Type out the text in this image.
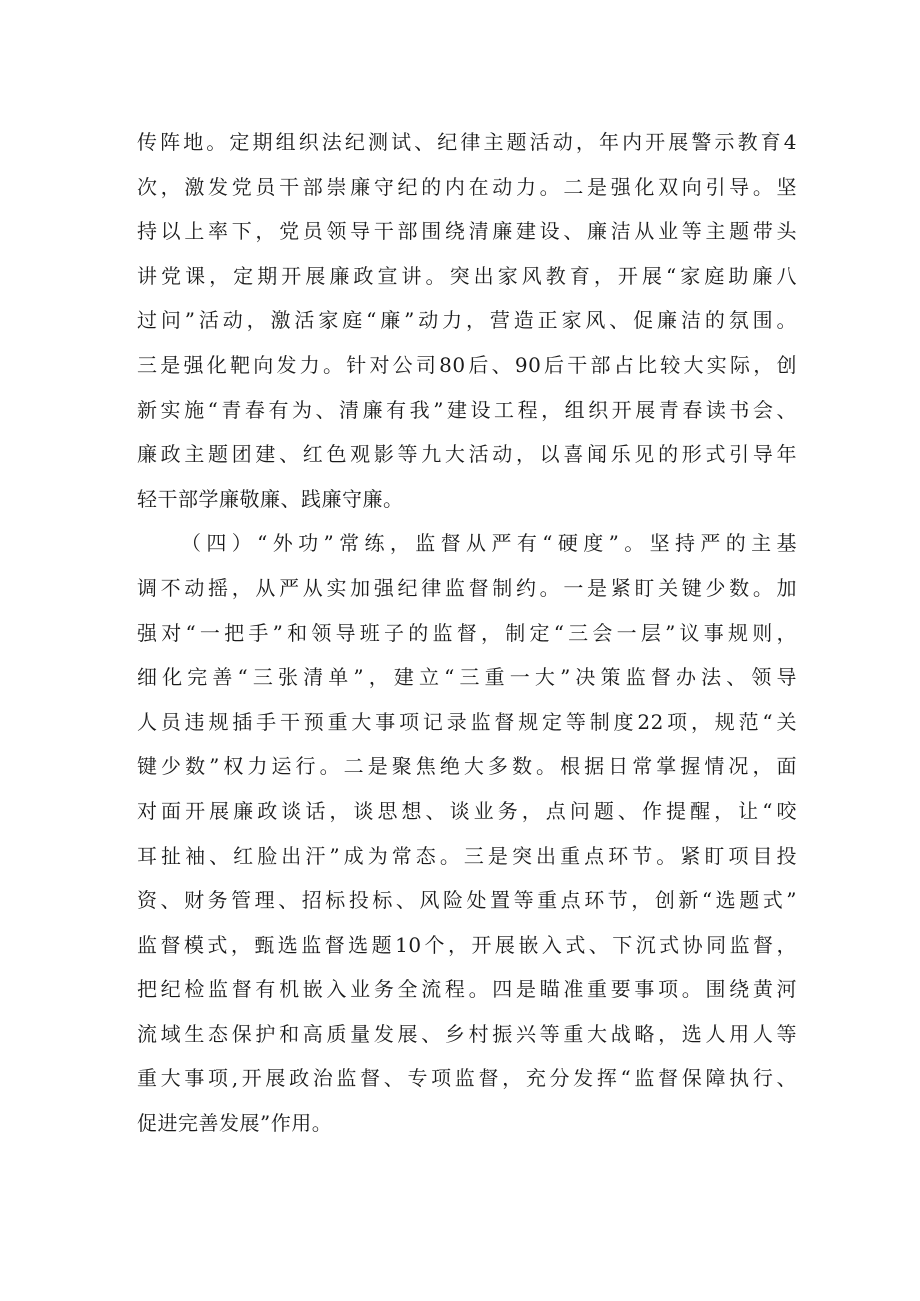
传阵地。定期组织法纪测试、纪律主题活动，年内开展警示教育4
次，激发党员干部崇廉守纪的内在动力。二是强化双向引导。坚
持以上率下，党员领导干部围绕清廉建设、廉洁从业等主题带头
讲党课，定期开展廉政宣讲。突出家风教育，开展“家庭助廉八
过问”活动，激活家庭“廉”动力，营造正家风、促廉洁的氛围。
三是强化靶向发力。针对公司80后、90后干部占比较大实际，创
新实施“青春有为、清廉有我”建设工程，组织开展青春读书会、
廉政主题团建、红色观影等九大活动，以喜闻乐见的形式引导年
轻干部学廉敬廉、践廉守廉。
（四）“外功”常练，监督从严有“硬度”。坚持严的主基
调不动摇，从严从实加强纪律监督制约。一是紧盯关键少数。加
强对“一把手”和领导班子的监督，制定“三会一层”议事规则，
细化完善“三张清单”，建立“三重一大”决策监督办法、领导
人员违规插手干预重大事项记录监督规定等制度22项，规范“关
键少数”权力运行。二是聚焦绝大多数。根据日常掌握情况，面
对面开展廉政谈话，谈思想、谈业务，点问题、作提醒，让“咬
耳扯袖、红脸出汗”成为常态。三是突出重点环节。紧盯项目投
资、财务管理、招标投标、风险处置等重点环节，创新“选题式”
监督模式，甄选监督选题10个，开展嵌入式、下沉式协同监督，
把纪检监督有机嵌入业务全流程。四是瞄准重要事项。围绕黄河
流域生态保护和高质量发展、乡村振兴等重大战略，选人用人等
重大事项,开展政治监督、专项监督，充分发挥“监督保障执行、
促进完善发展”作用。
